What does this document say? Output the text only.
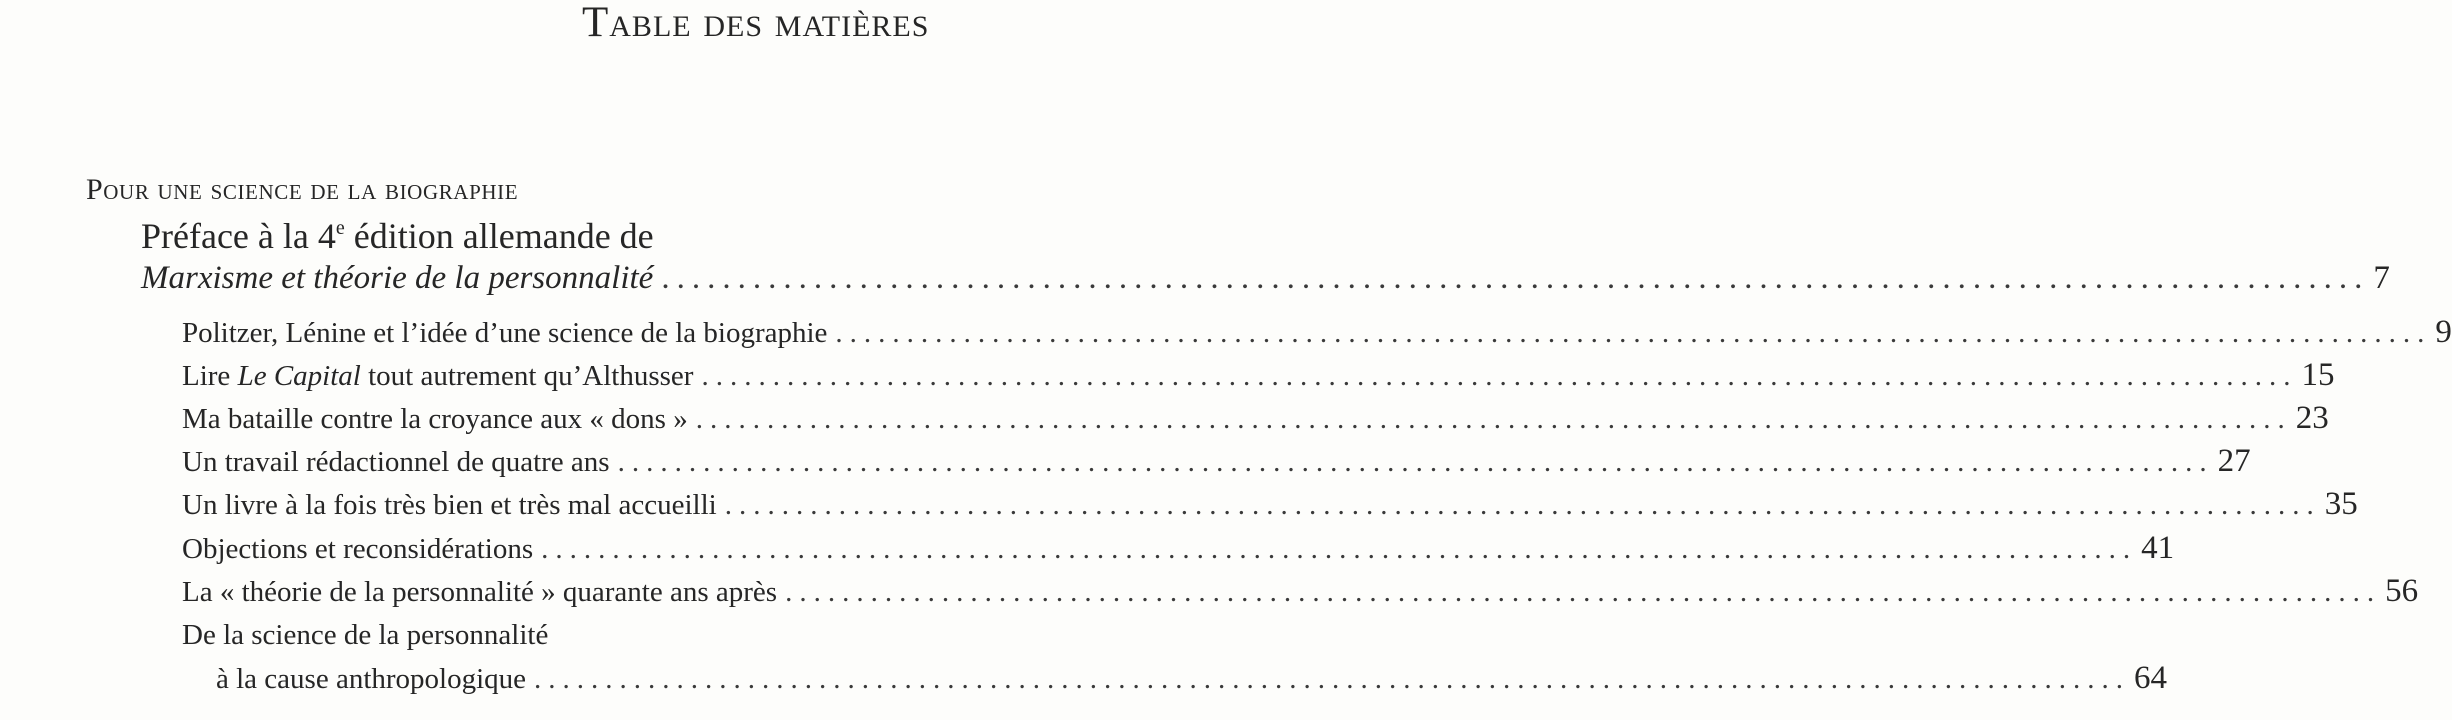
Table des matières
Pour une science de la biographie
Préface à la 4e édition allemande de
Marxisme et théorie de la personnalité ................................................................................................................ 7
Politzer, Lénine et l’idée d’une science de la biographie ................................................................................................................ 9
Lire Le Capital tout autrement qu’Althusser ................................................................................................................ 15
Ma bataille contre la croyance aux « dons » ................................................................................................................ 23
Un travail rédactionnel de quatre ans ................................................................................................................ 27
Un livre à la fois très bien et très mal accueilli ................................................................................................................ 35
Objections et reconsidérations ................................................................................................................ 41
La « théorie de la personnalité » quarante ans après ................................................................................................................ 56
De la science de la personnalité
à la cause anthropologique ................................................................................................................ 64
